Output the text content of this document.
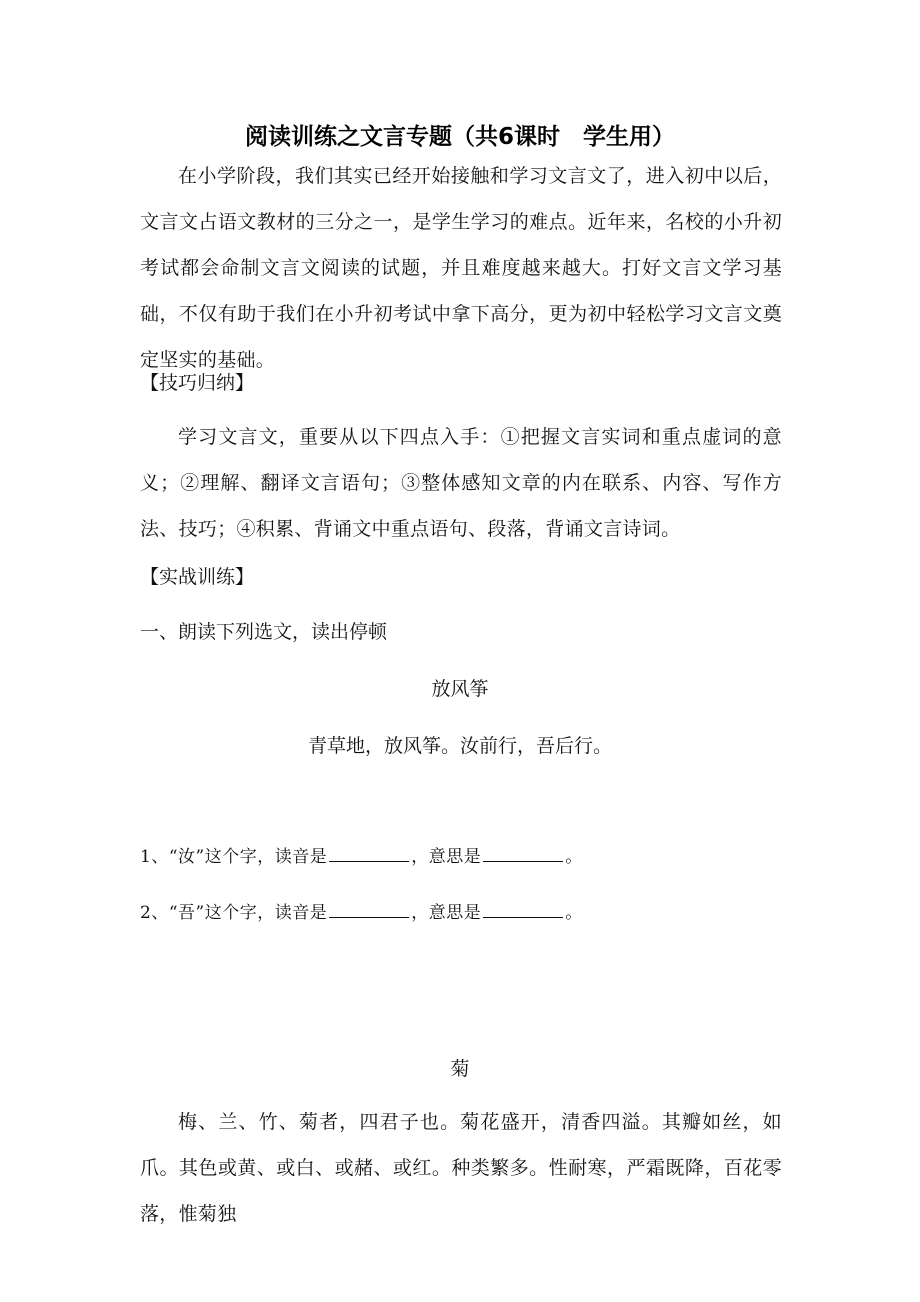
阅读训练之文言专题（共6课时　学生用）
在小学阶段，我们其实已经开始接触和学习文言文了，进入初中以后，文言文占语文教材的三分之一，是学生学习的难点。近年来，名校的小升初考试都会命制文言文阅读的试题，并且难度越来越大。打好文言文学习基础，不仅有助于我们在小升初考试中拿下高分，更为初中轻松学习文言文奠定坚实的基础。
【技巧归纳】
学习文言文，重要从以下四点入手：①把握文言实词和重点虚词的意义；②理解、翻译文言语句；③整体感知文章的内在联系、内容、写作方法、技巧；④积累、背诵文中重点语句、段落，背诵文言诗词。
【实战训练】
一、朗读下列选文，读出停顿
放风筝
青草地，放风筝。汝前行，吾后行。
1、“汝”这个字，读音是	，意思是	。
2、“吾”这个字，读音是	，意思是	。
菊
梅、兰、竹、菊者，四君子也。菊花盛开，清香四溢。其瓣如丝，如爪。其色或黄、或白、或赭、或红。种类繁多。性耐寒，严霜既降，百花零落，惟菊独
